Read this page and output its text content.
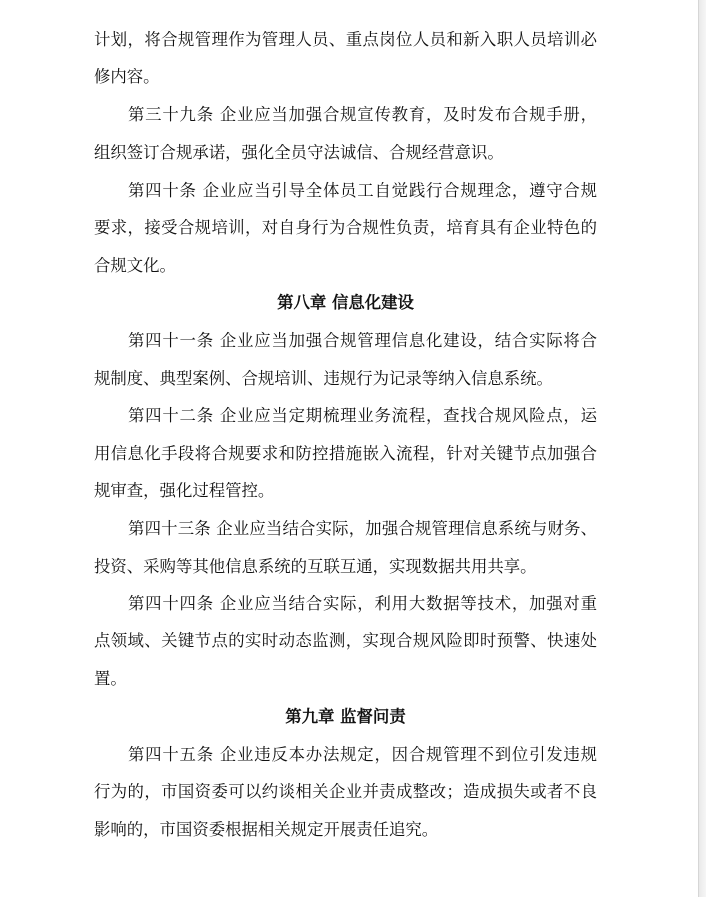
计划，将合规管理作为管理人员、重点岗位人员和新入职人员培训必
修内容。
第三十九条 企业应当加强合规宣传教育，及时发布合规手册，
组织签订合规承诺，强化全员守法诚信、合规经营意识。
第四十条 企业应当引导全体员工自觉践行合规理念，遵守合规
要求，接受合规培训，对自身行为合规性负责，培育具有企业特色的
合规文化。
第八章 信息化建设
第四十一条 企业应当加强合规管理信息化建设，结合实际将合
规制度、典型案例、合规培训、违规行为记录等纳入信息系统。
第四十二条 企业应当定期梳理业务流程，查找合规风险点，运
用信息化手段将合规要求和防控措施嵌入流程，针对关键节点加强合
规审查，强化过程管控。
第四十三条 企业应当结合实际，加强合规管理信息系统与财务、
投资、采购等其他信息系统的互联互通，实现数据共用共享。
第四十四条 企业应当结合实际，利用大数据等技术，加强对重
点领域、关键节点的实时动态监测，实现合规风险即时预警、快速处
置。
第九章 监督问责
第四十五条 企业违反本办法规定，因合规管理不到位引发违规
行为的，市国资委可以约谈相关企业并责成整改；造成损失或者不良
影响的，市国资委根据相关规定开展责任追究。
